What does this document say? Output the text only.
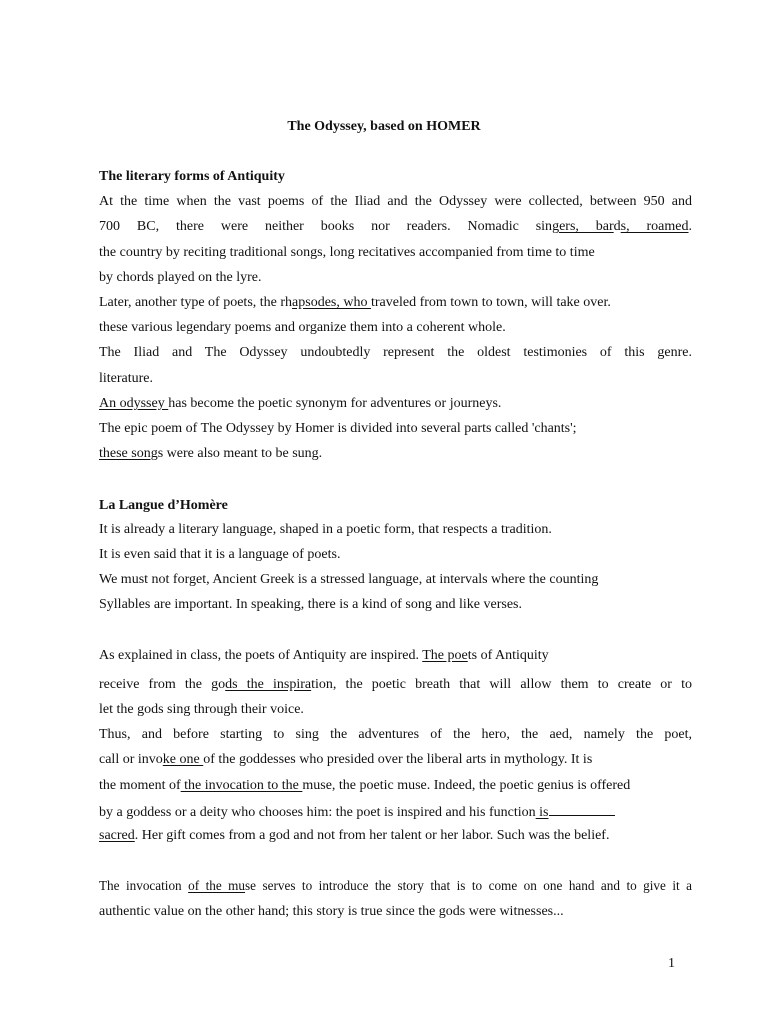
The Odyssey, based on HOMER
The literary forms of Antiquity
At the time when the vast poems of the Iliad and the Odyssey were collected, between 950 and
700 BC, there were neither books nor readers. Nomadic singers, bards, roamed.
the country by reciting traditional songs, long recitatives accompanied from time to time
by chords played on the lyre.
Later, another type of poets, the rhapsodes, who traveled from town to town, will take over.
these various legendary poems and organize them into a coherent whole.
The Iliad and The Odyssey undoubtedly represent the oldest testimonies of this genre.
literature.
An odyssey has become the poetic synonym for adventures or journeys.
The epic poem of The Odyssey by Homer is divided into several parts called 'chants';
these songs were also meant to be sung.
La Langue d’Homère
It is already a literary language, shaped in a poetic form, that respects a tradition.
It is even said that it is a language of poets.
We must not forget, Ancient Greek is a stressed language, at intervals where the counting
Syllables are important. In speaking, there is a kind of song and like verses.
As explained in class, the poets of Antiquity are inspired. The poets of Antiquity
receive from the gods the inspiration, the poetic breath that will allow them to create or to
let the gods sing through their voice.
Thus, and before starting to sing the adventures of the hero, the aed, namely the poet,
call or invoke one of the goddesses who presided over the liberal arts in mythology. It is
the moment of the invocation to the muse, the poetic muse. Indeed, the poetic genius is offered
by a goddess or a deity who chooses him: the poet is inspired and his function is
sacred. Her gift comes from a god and not from her talent or her labor. Such was the belief.
The invocation of the muse serves to introduce the story that is to come on one hand and to give it a
authentic value on the other hand; this story is true since the gods were witnesses...
1
